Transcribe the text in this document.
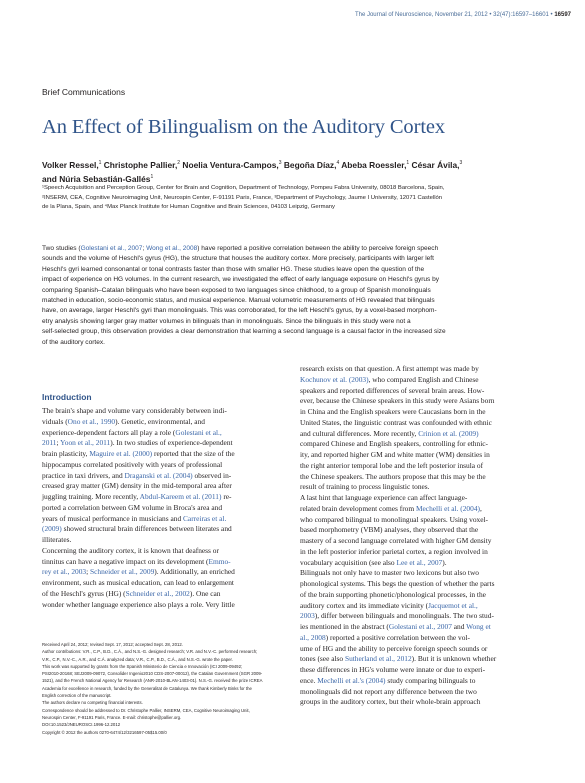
The Journal of Neuroscience, November 21, 2012 • 32(47):16597–16601 • 16597
Brief Communications
An Effect of Bilingualism on the Auditory Cortex
Volker Ressel,$^1$ Christophe Pallier,$^2$ Noelia Ventura-Campos,$^3$ Begoña Díaz,$^4$ Abeba Roessler,$^1$ César Ávila,$^3$
and Núria Sebastián-Gallés$^1$
¹Speech Acquisition and Perception Group, Center for Brain and Cognition, Department of Technology, Pompeu Fabra University, 08018 Barcelona, Spain,
²INSERM, CEA, Cognitive Neuroimaging Unit, Neurospin Center, F-91191 Paris, France, ³Department of Psychology, Jaume I University, 12071 Castellón
de la Plana, Spain, and ⁴Max Planck Institute for Human Cognitive and Brain Sciences, 04103 Leipzig, Germany
Two studies (Golestani et al., 2007; Wong et al., 2008) have reported a positive correlation between the ability to perceive foreign speech
sounds and the volume of Heschl's gyrus (HG), the structure that houses the auditory cortex. More precisely, participants with larger left
Heschl's gyri learned consonantal or tonal contrasts faster than those with smaller HG. These studies leave open the question of the
impact of experience on HG volumes. In the current research, we investigated the effect of early language exposure on Heschl's gyrus by
comparing Spanish–Catalan bilinguals who have been exposed to two languages since childhood, to a group of Spanish monolinguals
matched in education, socio-economic status, and musical experience. Manual volumetric measurements of HG revealed that bilinguals
have, on average, larger Heschl's gyri than monolinguals. This was corroborated, for the left Heschl's gyrus, by a voxel-based morphom-
etry analysis showing larger gray matter volumes in bilinguals than in monolinguals. Since the bilinguals in this study were not a
self-selected group, this observation provides a clear demonstration that learning a second language is a causal factor in the increased size
of the auditory cortex.
Introduction
The brain's shape and volume vary considerably between indi-
viduals (Ono et al., 1990). Genetic, environmental, and
experience-dependent factors all play a role (Golestani et al.,
2011; Yoon et al., 2011). In two studies of experience-dependent
brain plasticity, Maguire et al. (2000) reported that the size of the
hippocampus correlated positively with years of professional
practice in taxi drivers, and Draganski et al. (2004) observed in-
creased gray matter (GM) density in the mid-temporal area after
juggling training. More recently, Abdul-Kareem et al. (2011) re-
ported a correlation between GM volume in Broca's area and
years of musical performance in musicians and Carreiras et al.
(2009) showed structural brain differences between literates and
illiterates.
Concerning the auditory cortex, it is known that deafness or
tinnitus can have a negative impact on its development (Emmo-
rey et al., 2003; Schneider et al., 2009). Additionally, an enriched
environment, such as musical education, can lead to enlargement
of the Heschl's gyrus (HG) (Schneider et al., 2002). One can
wonder whether language experience also plays a role. Very little
Received April 24, 2012; revised Sept. 17, 2012; accepted Sept. 28, 2012.
Author contributions: V.R., C.P., B.D., C.Á., and N.S.-G. designed research; V.R. and N.V.-C. performed research;
V.R., C.P., N.V.-C., A.R., and C.Á. analyzed data; V.R., C.P., B.D., C.Á., and N.S.-G. wrote the paper.
This work was supported by grants from the Spanish Ministerio de Ciencia e Innovación (ICI 2009-09492;
PSI2010-20168; SEJ2009-09072, Consolider Ingenio2010 CDS-2007-00012), the Catalan Government (SGR 2009-
1521), and the French National Agency for Research (ANR-2010-BLAN-1403-01). N.S.-G. received the prize ICREA
Academia for excellence in research, funded by the Generalitat de Catalunya. We thank Kimberly Binks for the
English correction of the manuscript.
The authors declare no competing financial interests.
Correspondence should be addressed to Dr. Christophe Pallier, INSERM, CEA, Cognitive Neuroimaging Unit,
Neurospin Center, F-91191 Paris, France. E-mail: christophe@pallier.org.
DOI:10.1523/JNEUROSCI.1996-12.2012
Copyright © 2012 the authors 0270-6474/12/3216597-05$15.00/0
research exists on that question. A first attempt was made by
Kochunov et al. (2003), who compared English and Chinese
speakers and reported differences of several brain areas. How-
ever, because the Chinese speakers in this study were Asians born
in China and the English speakers were Caucasians born in the
United States, the linguistic contrast was confounded with ethnic
and cultural differences. More recently, Crinion et al. (2009)
compared Chinese and English speakers, controlling for ethnic-
ity, and reported higher GM and white matter (WM) densities in
the right anterior temporal lobe and the left posterior insula of
the Chinese speakers. The authors propose that this may be the
result of training to process linguistic tones.
A last hint that language experience can affect language-
related brain development comes from Mechelli et al. (2004),
who compared bilingual to monolingual speakers. Using voxel-
based morphometry (VBM) analyses, they observed that the
mastery of a second language correlated with higher GM density
in the left posterior inferior parietal cortex, a region involved in
vocabulary acquisition (see also Lee et al., 2007).
Bilinguals not only have to master two lexicons but also two
phonological systems. This begs the question of whether the parts
of the brain supporting phonetic/phonological processes, in the
auditory cortex and its immediate vicinity (Jacquemot et al.,
2003), differ between bilinguals and monolinguals. The two stud-
ies mentioned in the abstract (Golestani et al., 2007 and Wong et
al., 2008) reported a positive correlation between the vol-
ume of HG and the ability to perceive foreign speech sounds or
tones (see also Sutherland et al., 2012). But it is unknown whether
these differences in HG's volume were innate or due to experi-
ence. Mechelli et al.'s (2004) study comparing bilinguals to
monolinguals did not report any difference between the two
groups in the auditory cortex, but their whole-brain approach
